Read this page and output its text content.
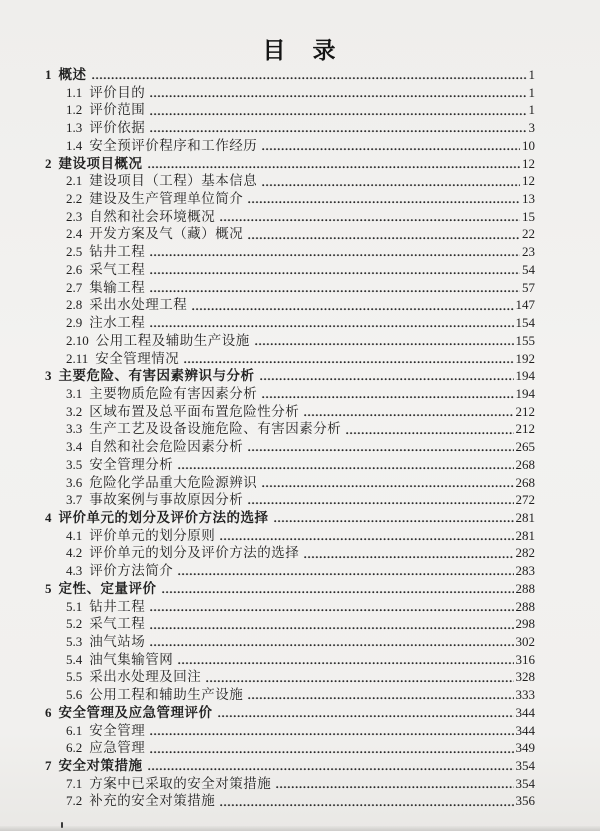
目　录
1 概述	1
1.1 评价目的	1
1.2 评价范围	1
1.3 评价依据	3
1.4 安全预评价程序和工作经历	10
2 建设项目概况	12
2.1 建设项目（工程）基本信息	12
2.2 建设及生产管理单位简介	13
2.3 自然和社会环境概况	15
2.4 开发方案及气（藏）概况	22
2.5 钻井工程	23
2.6 采气工程	54
2.7 集输工程	57
2.8 采出水处理工程	147
2.9 注水工程	154
2.10 公用工程及辅助生产设施	155
2.11 安全管理情况	192
3 主要危险、有害因素辨识与分析	194
3.1 主要物质危险有害因素分析	194
3.2 区域布置及总平面布置危险性分析	212
3.3 生产工艺及设备设施危险、有害因素分析	212
3.4 自然和社会危险因素分析	265
3.5 安全管理分析	268
3.6 危险化学品重大危险源辨识	268
3.7 事故案例与事故原因分析	272
4 评价单元的划分及评价方法的选择	281
4.1 评价单元的划分原则	281
4.2 评价单元的划分及评价方法的选择	282
4.3 评价方法简介	283
5 定性、定量评价	288
5.1 钻井工程	288
5.2 采气工程	298
5.3 油气站场	302
5.4 油气集输管网	316
5.5 采出水处理及回注	328
5.6 公用工程和辅助生产设施	333
6 安全管理及应急管理评价	344
6.1 安全管理	344
6.2 应急管理	349
7 安全对策措施	354
7.1 方案中已采取的安全对策措施	354
7.2 补充的安全对策措施	356
